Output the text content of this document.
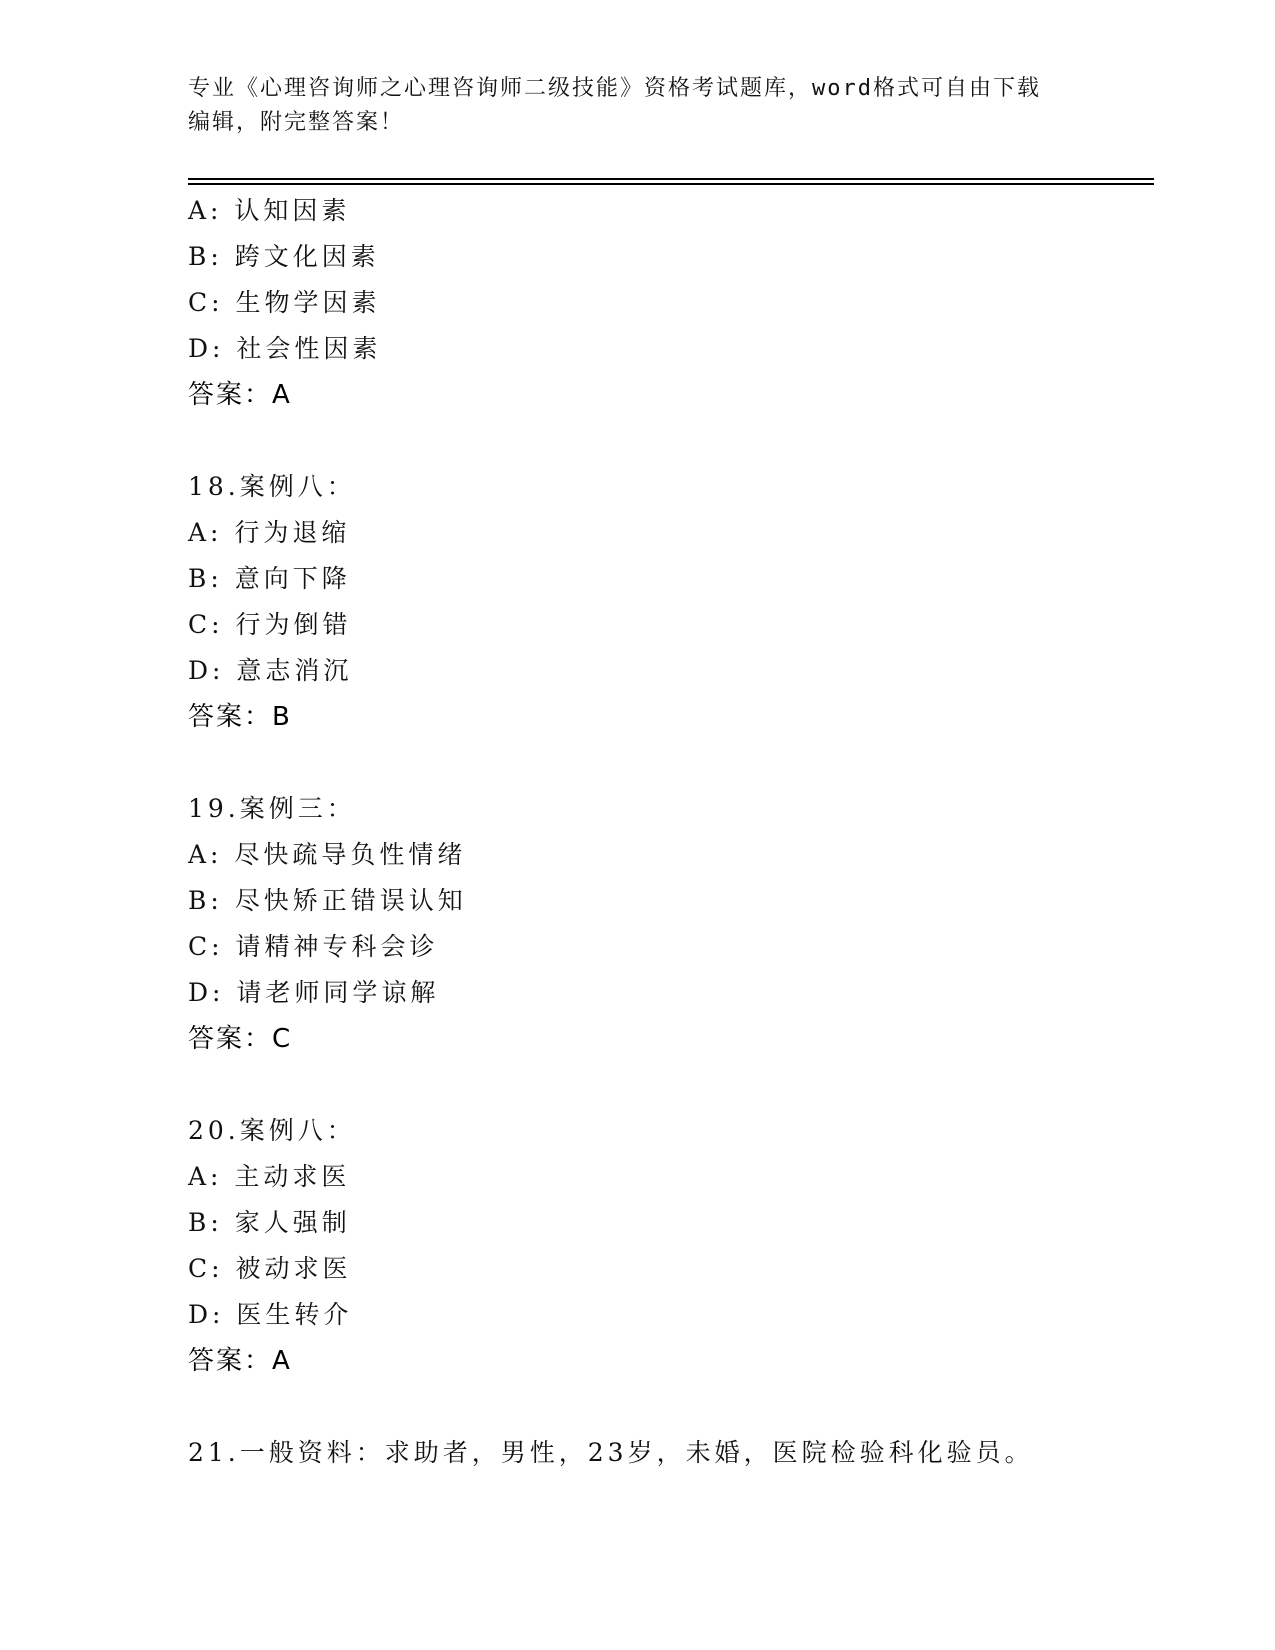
专业《心理咨询师之心理咨询师二级技能》资格考试题库，word格式可自由下载
编辑，附完整答案！
A: 认知因素
B: 跨文化因素
C: 生物学因素
D: 社会性因素
答案：A
18.案例八：
A: 行为退缩
B: 意向下降
C: 行为倒错
D: 意志消沉
答案：B
19.案例三：
A: 尽快疏导负性情绪
B: 尽快矫正错误认知
C: 请精神专科会诊
D: 请老师同学谅解
答案：C
20.案例八：
A: 主动求医
B: 家人强制
C: 被动求医
D: 医生转介
答案：A
21.一般资料：求助者，男性，23岁，未婚，医院检验科化验员。
